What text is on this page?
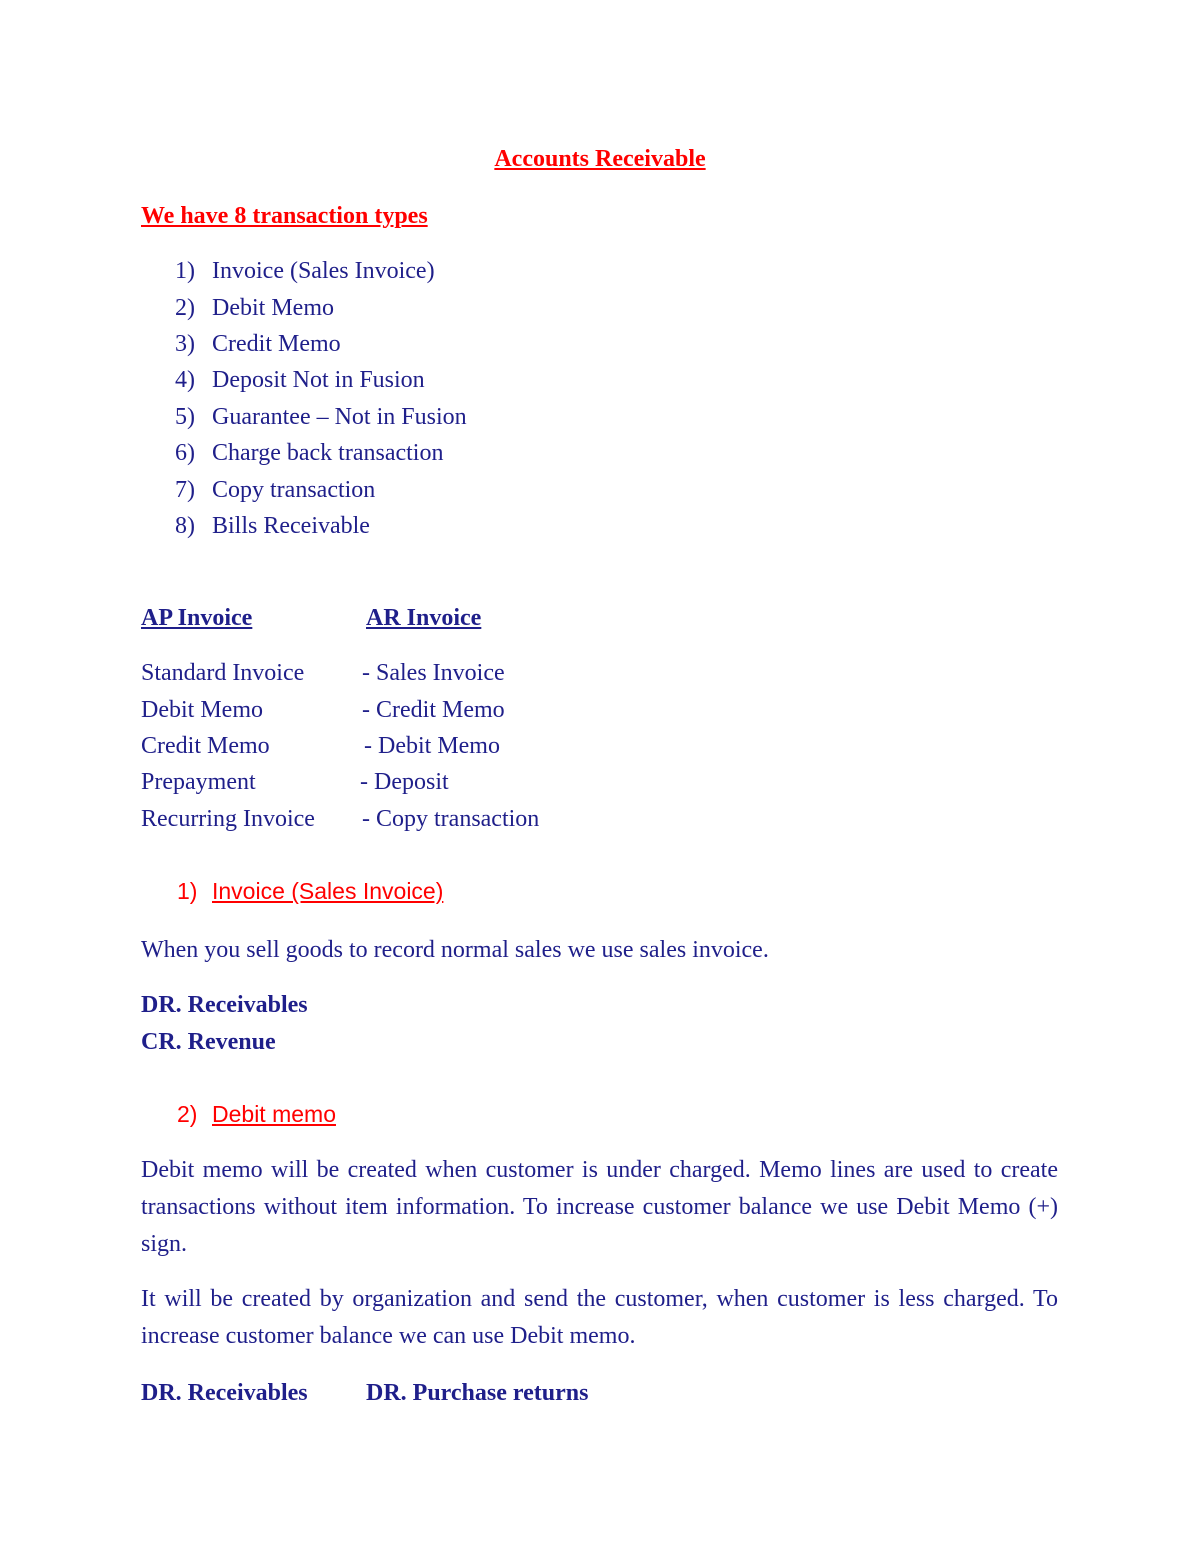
Accounts Receivable
We have 8 transaction types
1) Invoice (Sales Invoice)
2) Debit Memo
3) Credit Memo
4) Deposit Not in Fusion
5) Guarantee – Not in Fusion
6) Charge back transaction
7) Copy transaction
8) Bills Receivable
AP Invoice	AR Invoice
Standard Invoice - Sales Invoice
Debit Memo	- Credit Memo
Credit Memo	- Debit Memo
Prepayment	- Deposit
Recurring Invoice - Copy transaction
1) Invoice (Sales Invoice)
When you sell goods to record normal sales we use sales invoice.
DR. Receivables
CR. Revenue
2) Debit memo
Debit memo will be created when customer is under charged. Memo lines are used to create transactions without item information. To increase customer balance we use Debit Memo (+) sign.
It will be created by organization and send the customer, when customer is less charged. To increase customer balance we can use Debit memo.
DR. Receivables DR. Purchase returns
